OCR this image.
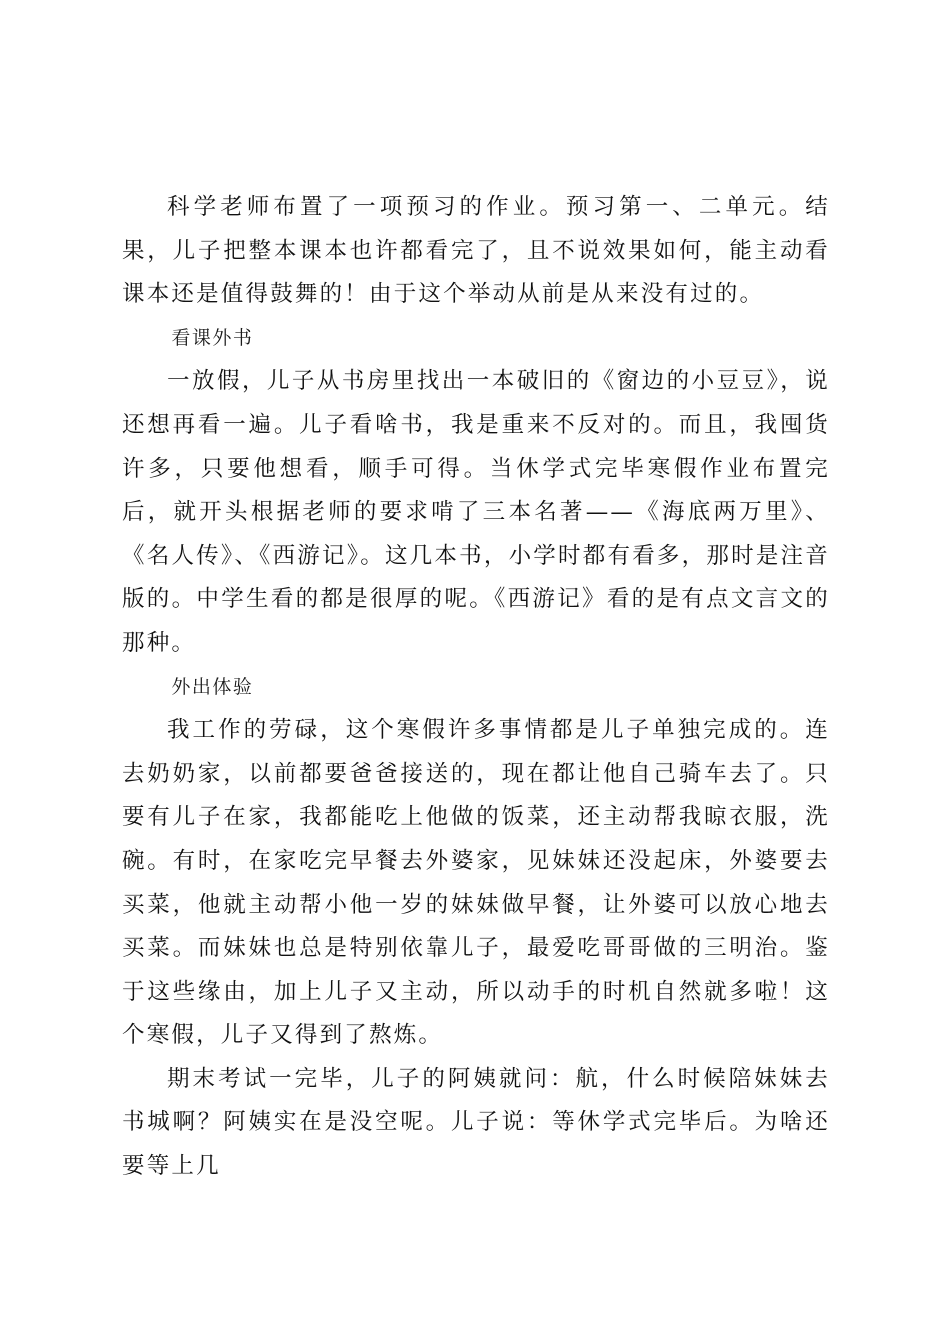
科学老师布置了一项预习的作业。预习第一、二单元。结果，儿子把整本课本也许都看完了，且不说效果如何，能主动看课本还是值得鼓舞的！由于这个举动从前是从来没有过的。

看课外书

一放假，儿子从书房里找出一本破旧的《窗边的小豆豆》，说还想再看一遍。儿子看啥书，我是重来不反对的。而且，我囤货许多，只要他想看，顺手可得。当休学式完毕寒假作业布置完后，就开头根据老师的要求啃了三本名著——《海底两万里》、《名人传》、《西游记》。这几本书，小学时都有看多，那时是注音版的。中学生看的都是很厚的呢。《西游记》看的是有点文言文的那种。

外出体验

我工作的劳碌，这个寒假许多事情都是儿子单独完成的。连去奶奶家，以前都要爸爸接送的，现在都让他自己骑车去了。只要有儿子在家，我都能吃上他做的饭菜，还主动帮我晾衣服，洗碗。有时，在家吃完早餐去外婆家，见妹妹还没起床，外婆要去买菜，他就主动帮小他一岁的妹妹做早餐，让外婆可以放心地去买菜。而妹妹也总是特别依靠儿子，最爱吃哥哥做的三明治。鉴于这些缘由，加上儿子又主动，所以动手的时机自然就多啦！这个寒假，儿子又得到了熬炼。

期末考试一完毕，儿子的阿姨就问：航，什么时候陪妹妹去书城啊？阿姨实在是没空呢。儿子说：等休学式完毕后。为啥还要等上几
